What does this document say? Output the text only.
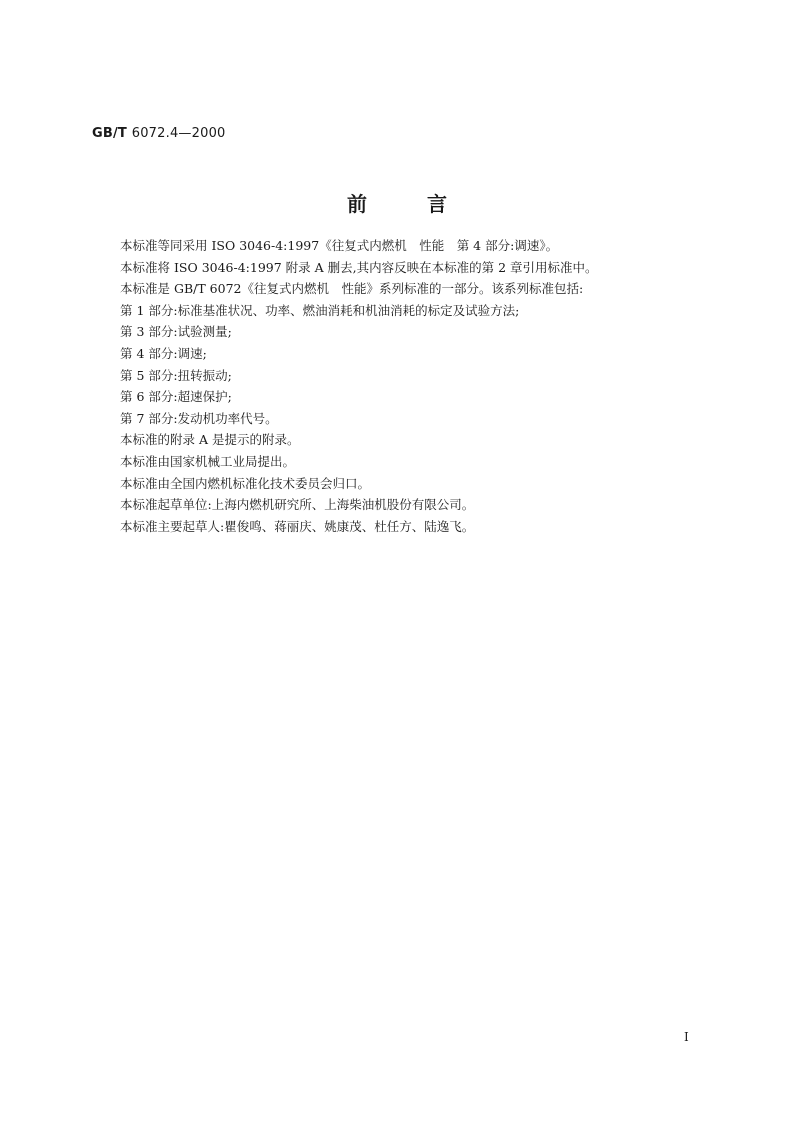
GB/T 6072.4—2000
前	言

本标准等同采用 ISO 3046-4:1997《往复式内燃机　性能　第 4 部分:调速》。

本标准将 ISO 3046-4:1997 附录 A 删去,其内容反映在本标准的第 2 章引用标准中。

本标准是 GB/T 6072《往复式内燃机　性能》系列标准的一部分。该系列标准包括:

第 1 部分:标准基准状况、功率、燃油消耗和机油消耗的标定及试验方法;

第 3 部分:试验测量;

第 4 部分:调速;

第 5 部分:扭转振动;

第 6 部分:超速保护;

第 7 部分:发动机功率代号。

本标准的附录 A 是提示的附录。

本标准由国家机械工业局提出。

本标准由全国内燃机标准化技术委员会归口。

本标准起草单位:上海内燃机研究所、上海柴油机股份有限公司。

本标准主要起草人:瞿俊鸣、蒋丽庆、姚康茂、杜任方、陆逸飞。

I
